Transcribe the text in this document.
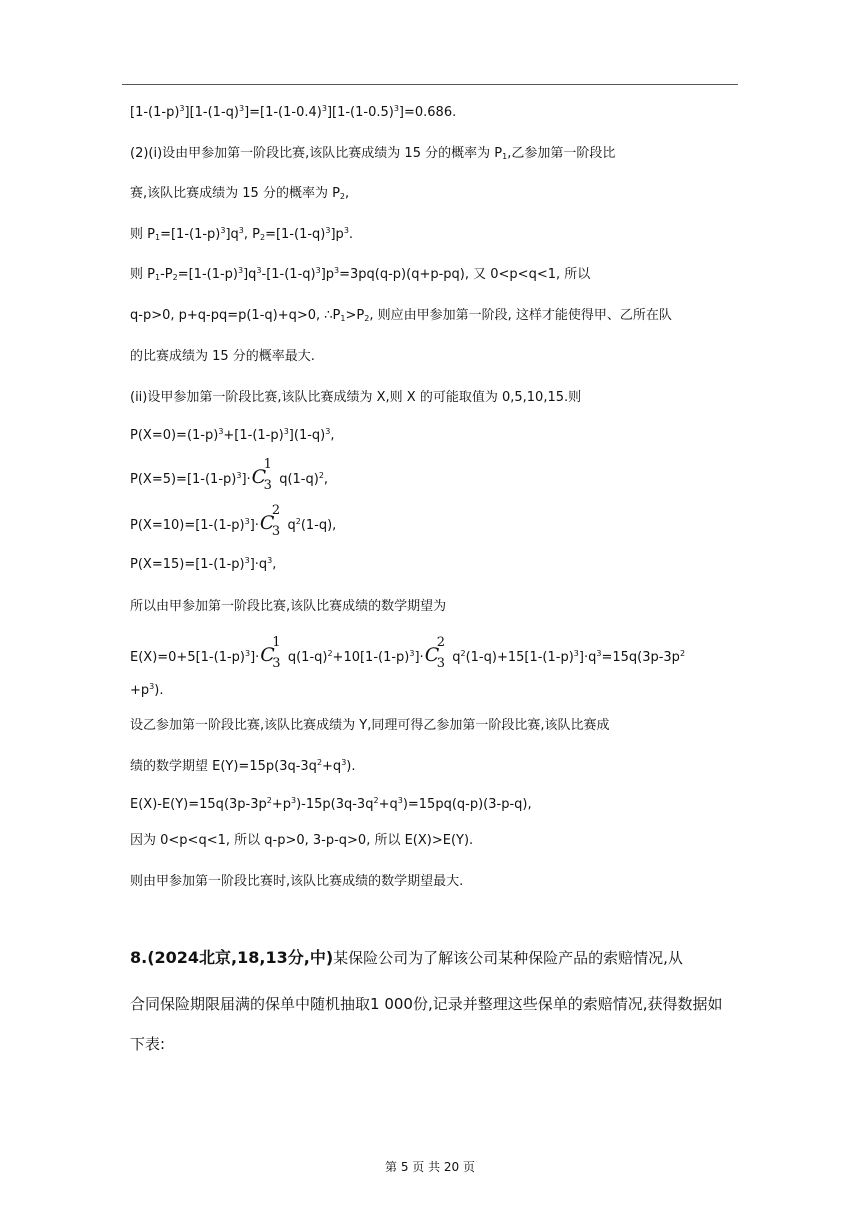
$[1-(1-p)^3][1-(1-q)^3]=[1-(1-0.4)^3][1-(1-0.5)^3]=0.686$.
(2)(i)设由甲参加第一阶段比赛,该队比赛成绩为 15 分的概率为 $P_1$,乙参加第一阶段比
赛,该队比赛成绩为 15 分的概率为 $P_2$,
则 $P_1=[1-(1-p)^3]q^3$, $P_2=[1-(1-q)^3]p^3$.
则 $P_1-P_2=[1-(1-p)^3]q^3-[1-(1-q)^3]p^3=3pq(q-p)(q+p-pq)$, 又 0<p<q<1, 所以
q-p>0, p+q-pq=p(1-q)+q>0, $\therefore P_1>P_2$, 则应由甲参加第一阶段, 这样才能使得甲、乙所在队
的比赛成绩为 15 分的概率最大.
(ii)设甲参加第一阶段比赛,该队比赛成绩为 X,则 X 的可能取值为 0,5,10,15.则
$P(X=0)=(1-p)^3+[1-(1-p)^3](1-q)^3$,
$P(X=5)=[1-(1-p)^3]\cdot C$
1
3 $q(1-q)^2$,
$P(X=10)=[1-(1-p)^3]\cdot C$
2
3 $q^2(1-q)$,
$P(X=15)=[1-(1-p)^3]\cdot q^3$,
所以由甲参加第一阶段比赛,该队比赛成绩的数学期望为
$E(X)=0+5[1-(1-p)^3]\cdot C$
1
3 $q(1-q)^2+10[1-(1-p)^3]\cdot C$
2
3 $q^2(1-q)+15[1-(1-p)^3]\cdot q^3=15q(3p-3p^2$
$+p^3$).
设乙参加第一阶段比赛,该队比赛成绩为 Y,同理可得乙参加第一阶段比赛,该队比赛成
绩的数学期望 $E(Y)=15p(3q-3q^2+q^3)$.
$E(X)-E(Y)=15q(3p-3p^2+p^3)-15p(3q-3q^2+q^3)=15pq(q-p)(3-p-q)$,
因为 0<p<q<1, 所以 q-p>0, 3-p-q>0, 所以 E(X)>E(Y).
则由甲参加第一阶段比赛时,该队比赛成绩的数学期望最大.
8.(2024北京,18,13分,中)某保险公司为了解该公司某种保险产品的索赔情况,从
合同保险期限届满的保单中随机抽取1 000份,记录并整理这些保单的索赔情况,获得数据如
下表:
第 5 页 共 20 页
